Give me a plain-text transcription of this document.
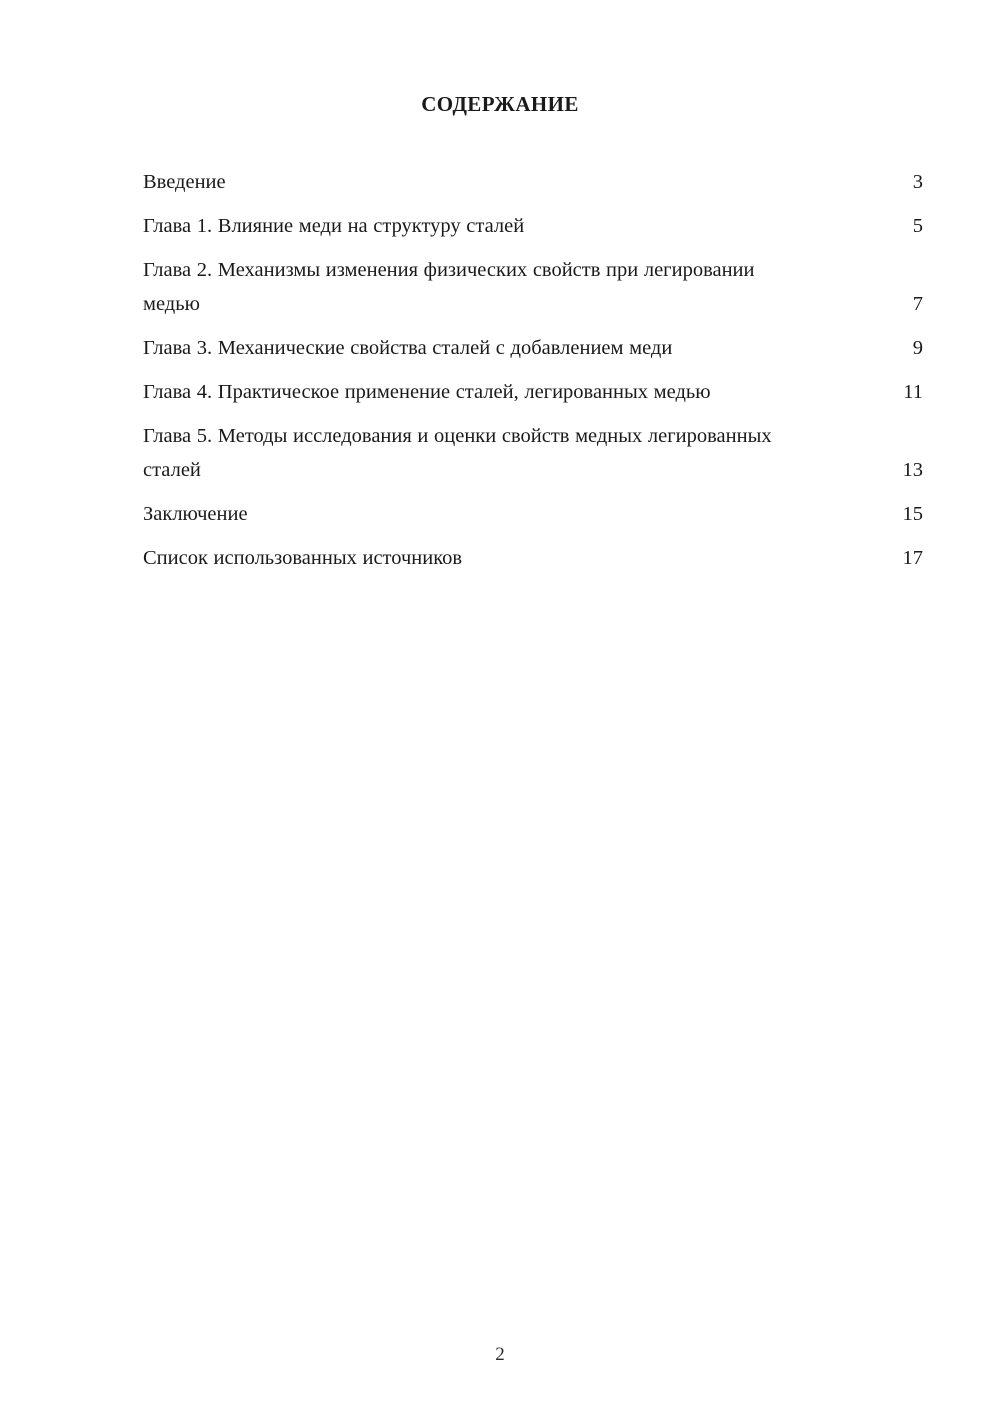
СОДЕРЖАНИЕ
Введение	3
Глава 1. Влияние меди на структуру сталей	5
Глава 2. Механизмы изменения физических свойств при легировании медью	7
Глава 3. Механические свойства сталей с добавлением меди	9
Глава 4. Практическое применение сталей, легированных медью	11
Глава 5. Методы исследования и оценки свойств медных легированных сталей	13
Заключение	15
Список использованных источников	17
2
